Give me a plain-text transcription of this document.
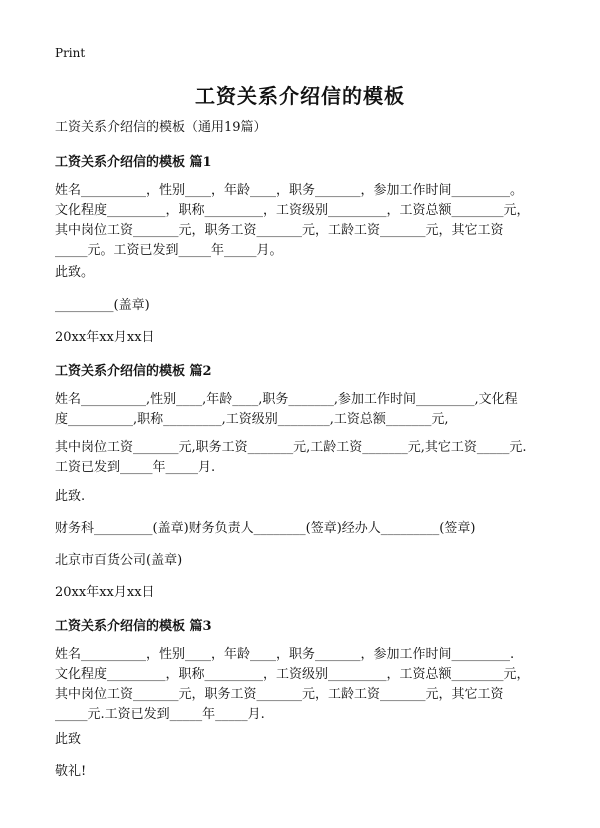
Print
工资关系介绍信的模板
工资关系介绍信的模板（通用19篇）
工资关系介绍信的模板 篇1
姓名__________，性别____，年龄____，职务_______，参加工作时间_________。
文化程度_________，职称_________，工资级别_________，工资总额________元，
其中岗位工资_______元，职务工资_______元，工龄工资_______元，其它工资
_____元。工资已发到_____年_____月。
此致。
_________(盖章)
20xx年xx月xx日
工资关系介绍信的模板 篇2
姓名__________,性别____,年龄____,职务_______,参加工作时间_________,文化程
度__________,职称_________,工资级别________,工资总额_______元,
其中岗位工资_______元,职务工资_______元,工龄工资_______元,其它工资_____元.
工资已发到_____年_____月.
此致.
财务科_________(盖章)财务负责人________(签章)经办人_________(签章)
北京市百货公司(盖章)
20xx年xx月xx日
工资关系介绍信的模板 篇3
姓名__________，性别____，年龄____，职务_______，参加工作时间_________.
文化程度_________，职称_________，工资级别_________，工资总额________元，
其中岗位工资_______元，职务工资_______元，工龄工资_______元，其它工资
_____元.工资已发到_____年_____月.
此致
敬礼!
